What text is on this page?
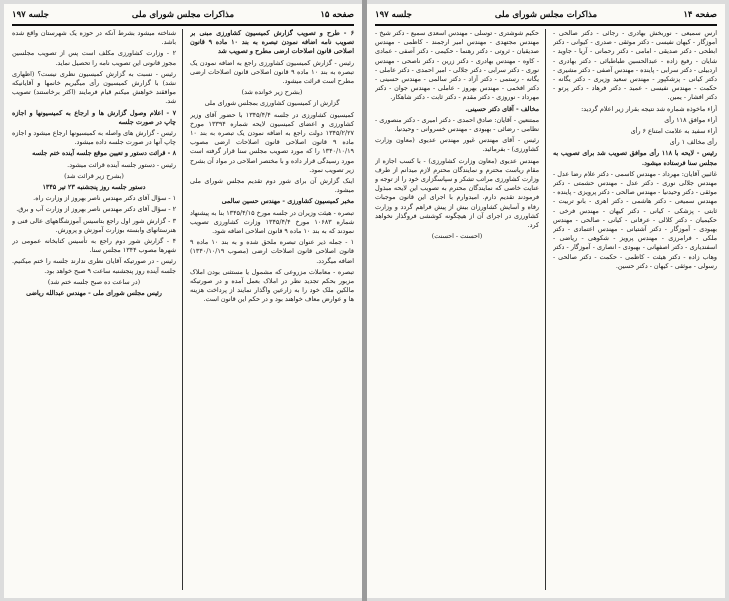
صفحه ۱۵
مذاکرات مجلس شورای ملی
جلسه ۱۹۷

۶ - طرح و تصویب گزارش کمیسیون کشاورزی مبنی بر تصویب نامه اضافه نمودن تبصره به بند ۱۰ ماده ۹ قانون اصلاحی قانون اصلاحات ارضی مطرح و تصویب شد

رئیس - گزارش کمیسیون کشاورزی راجع به اضافه نمودن یک تبصره به بند ۱۰ ماده ۹ قانون اصلاحی قانون اصلاحات ارضی مطرح است قرائت میشود.

(بشرح زیر خوانده شد)

گزارش از کمیسیون کشاورزی بمجلس شورای ملی

کمیسیون کشاورزی در جلسه ۱۳۴۵/۴/۴ با حضور آقای وزیر کشاورزی و اعضای کمیسیون لایحه شماره ۱۳۳۹۴ مورخ ۱۳۴۵/۲/۲۷ دولت راجع به اضافه نمودن یک تبصره به بند ۱۰ ماده ۹ قانون اصلاحی قانون اصلاحات ارضی مصوب ۱۳۴۰/۱۰/۱۹ را که مورد تصویب مجلس سنا قرار گرفته است مورد رسیدگی قرار داده و با مختصر اصلاحی در مواد آن بشرح زیر تصویب نمود.

اینک گزارش آن برای شور دوم تقدیم مجلس شورای ملی میشود.

مخبر کمیسیون کشاورزی - مهندس حسین سالمی

تبصره - هیئت وزیران در جلسه مورخ ۱۳۴۵/۴/۱۵ بنا به پیشنهاد شماره ۱۰۶۸۳ مورخ ۱۳۴۵/۴/۴ وزارت کشاورزی تصویب نمودند که به بند ۱۰ ماده ۹ قانون اصلاحی اضافه شود.

۱ - جمله ذیر عنوان تبصره ملحق شده و به بند ۱۰ ماده ۹ قانون اصلاحی قانون اصلاحات ارضی (مصوب ۱۳۴۰/۱۰/۱۹) اضافه میگردد.

تبصره - معاملات مزروعی که مشمول یا مستثنی بودن املاک مزبور بحکم تجدید نظر در املاک بعمل آمده و در صورتیکه مالکین ملک خود را به زارعین واگذار نمایند از پرداخت هزینه ها و عوارض معاف خواهند بود و در حکم این قانون است.

شناخته میشود بشرط آنکه در حوزه یک شهرستان واقع شده باشد.

۲ - وزارت کشاورزی مکلف است پس از تصویب مجلسین مجوز قانونی این تصویب نامه را تحصیل نماید.

رئیس - نسبت به گزارش کمیسیون نظری نیست؟ (اظهاری نشد) با گزارش کمیسیون رأی میگیریم خانمها و آقایانیکه موافقند خواهش میکنم قیام فرمایند (اکثر برخاستند) تصویب شد.

۷ - اعلام وصول گزارش ها و ارجاع به کمیسیونها و اجازه چاپ در صورت جلسه

رئیس - گزارش های واصله به کمیسیونها ارجاع میشود و اجازه چاپ آنها در صورت جلسه داده میشود.

۸ - قرائت دستور و تعیین موقع جلسه آینده ختم جلسه

رئیس - دستور جلسه آینده قرائت میشود.

(بشرح زیر قرائت شد)

دستور جلسه روز پنجشنبه ۲۳ تیر ۱۳۴۵

۱ - سؤال آقای دکتر مهندس ناصر بهروز از وزارت راه.

۲ - سؤال آقای دکتر مهندس ناصر بهروز از وزارت آب و برق.

۳ - گزارش شور اول راجع بتاسیس آموزشگاههای عالی فنی و هنرستانهای وابسته بوزارت آموزش و پرورش.

۴ - گزارش شور دوم راجع به تأسیس کتابخانه عمومی در شهرها مصوب ۱۳۴۴ مجلس سنا.

رئیس - در صورتیکه آقایان نظری ندارند جلسه را ختم میکنیم. جلسه آینده روز پنجشنبه ساعت ۹ صبح خواهد بود.

(در ساعت ده صبح جلسه ختم شد)

رئیس مجلس شورای ملی - مهندس عبدالله ریاضی

صفحه ۱۴
مذاکرات مجلس شورای ملی
جلسه ۱۹۷

ارس سمیعی - نوربخش بهادری - رجائی - دکتر صالحی - آموزگار - کیهان نفیسی - دکتر موثقی - صدری - کیوانی - دکتر ابطحی - دکتر صدیقی - امامی - دکتر رحمانی - آریا - جاوید - شایان - رفیع زاده - عبدالحسین طباطبائی - دکتر بهادری - اردبیلی - دکتر سرابی - پاینده - مهندس آصفی - دکتر مشیری - دکتر کیانی - پزشکپور - مهندس سعید وزیری - دکتر یگانه - حکمت - مهندس نفیسی - عمید - دکتر فرهاد - دکتر پرتو - دکتر افشار - یمین.

آراء ماخوذه شماره شد نتیجه بقرار زیر اعلام گردید:

آراء موافق ۱۱۸ رأی

آراء سفید به علامت امتناع ۶ رأی

رأی مخالف ۱ رأی

رئیس - لایحه با ۱۱۸ رأی موافق تصویب شد برای تصویب به مجلس سنا فرستاده میشود.

غائبین آقایان: مهرداد - مهندس کاسمی - دکتر علام رضا عدل - مهندس جلالی نوری - دکتر عدل - مهندس حشمتی - دکتر موثقی - دکتر وحیدنیا - مهندس صالحی - دکتر پرویزی - پاینده - مهندس سمیعی - دکتر هاشمی - دکتر اهری - بانو تربیت - ثابتی - پزشکی - کیانی - دکتر کیهان - مهندس فرخی - حکیمیان - دکتر کلالی - عرفانی - کیانی - صالحی - مهندس بهبودی - آموزگار - دکتر آشتیانی - مهندس اعتمادی - دکتر ملکی - فرامرزی - مهندس پرویز - شکوهی - ریاضی - اسفندیاری - دکتر اصفهانی - بهبودی - انصاری - آموزگار - دکتر وهاب زاده - دکتر هیئت - کاظمی - حکمت - دکتر صالحی - رسولی - موثقی - کیهان - دکتر حسین.

حکیم شوشتری - توسلی - مهندس اسعدی سمیع - دکتر شیخ - مهندس مجتهدی - مهندس امیر ارجمند - کاظمی - مهندس صدیقیان - ثروتی - دکتر رهنما - حکیمی - دکتر آصفی - عمادی - کاوه - مهندس بهادری - دکتر زرین - دکتر ناصحی - مهندس نوری - دکتر سرابی - دکتر جلالی - امیر احمدی - دکتر عاملی - یگانه - رستمی - دکتر آزاد - دکتر سالمی - مهندس حسینی - دکتر افخمی - مهندس بهروز - عاملی - مهندس جوان - دکتر مهرداد - نوروزی - دکتر مقدم - دکتر ثابت - دکتر شاهکار.

مخالف - آقای دکتر حسینی.

ممتنعین - آقایان: صادق احمدی - دکتر امیری - دکتر منصوری - نظامی - رضائی - بهبودی - مهندس خسروانی - وحیدنیا.

رئیس - آقای مهندس غیور مهندس عدیوی (معاون وزارت کشاورزی) - بفرمائید.

مهندس عدیوی (معاون وزارت کشاورزی) - با کسب اجازه از مقام ریاست محترم و نمایندگان محترم لازم میدانم از طرف وزارت کشاورزی مراتب تشکر و سپاسگزاری خود را از توجه و عنایت خاصی که نمایندگان محترم به تصویب این لایحه مبذول فرمودند تقدیم دارم. امیدوارم با اجرای این قانون موجبات رفاه و آسایش کشاورزان بیش از پیش فراهم گردد و وزارت کشاورزی در اجرای آن از هیچگونه کوششی فروگذار نخواهد کرد.

(احسنت - احسنت)
